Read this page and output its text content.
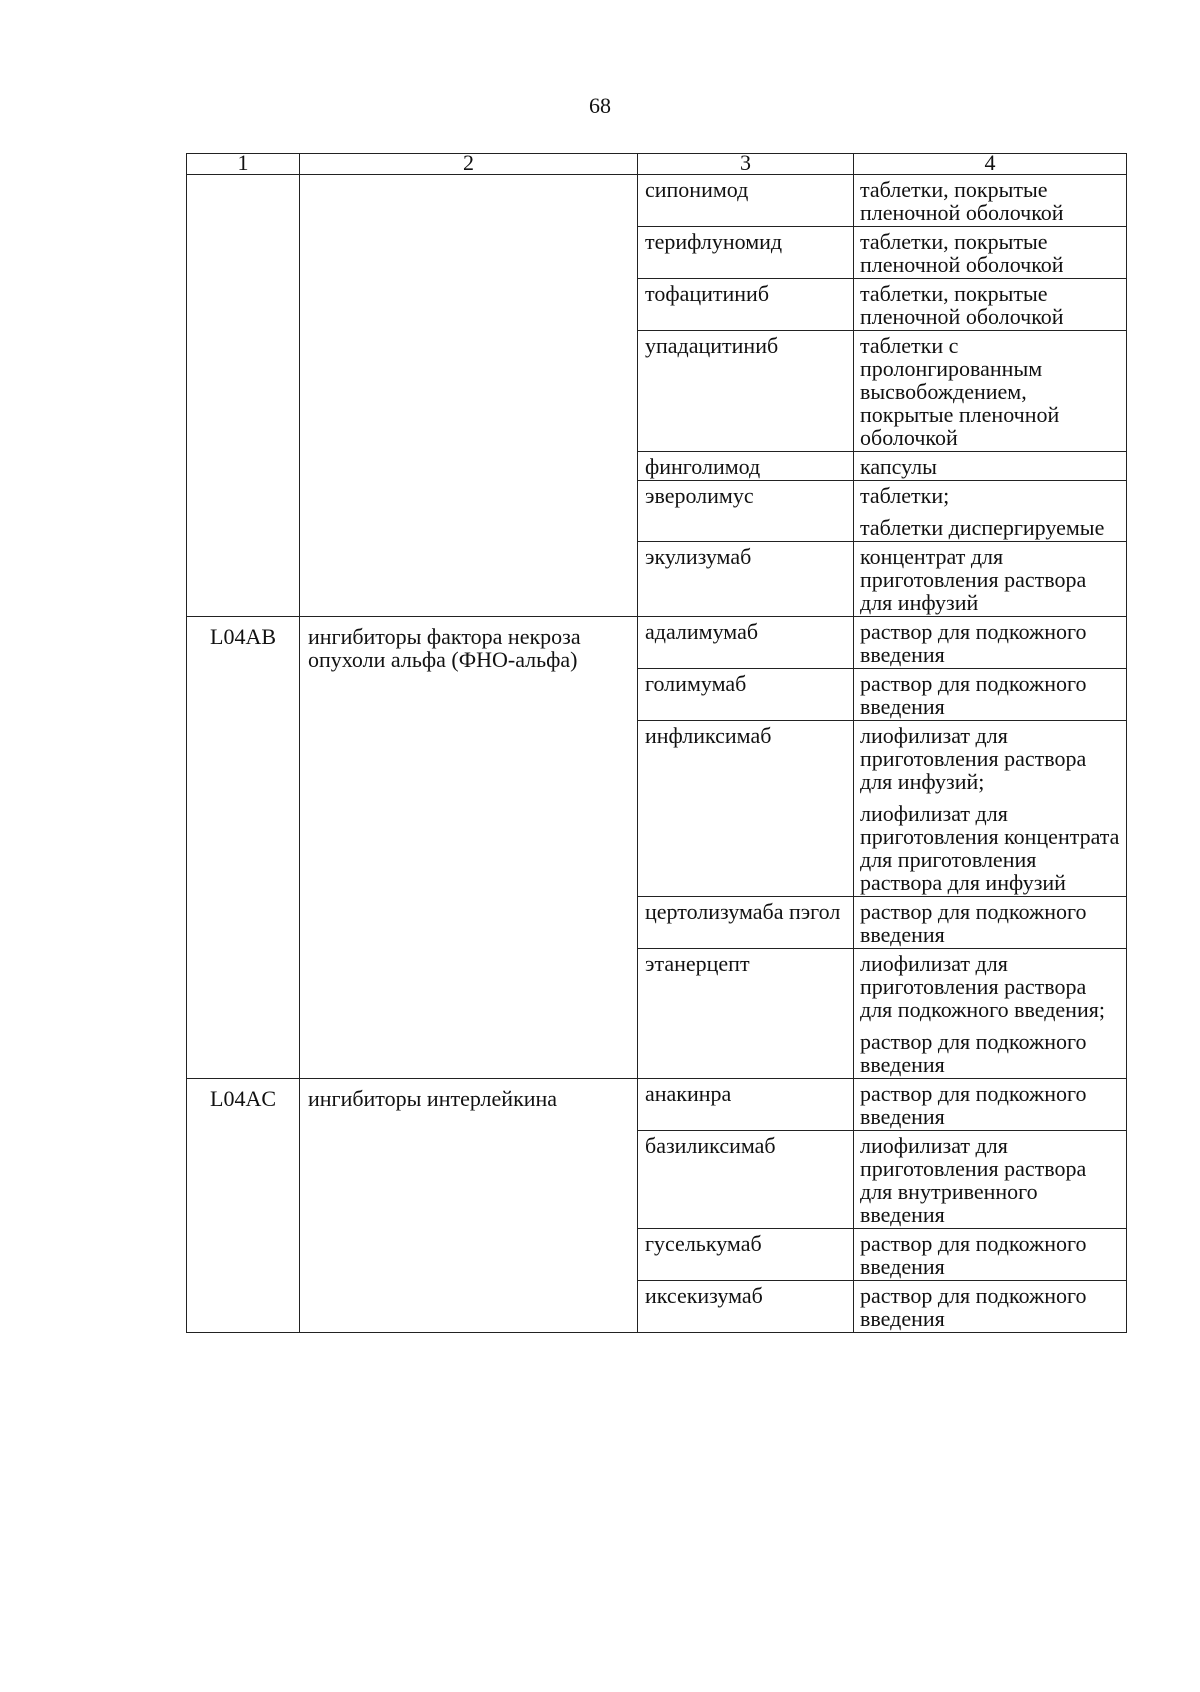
68
1	2	3	4
		сипонимод	таблетки, покрытые пленочной оболочкой

		терифлуномид	таблетки, покрытые пленочной оболочкой

		тофацитиниб	таблетки, покрытые пленочной оболочкой

		упадацитиниб	таблетки с пролонгированным высвобождением, покрытые пленочной оболочкой

		финголимод	капсулы

		эверолимус	таблетки;
таблетки диспергируемые

		экулизумаб	концентрат для приготовления раствора для инфузий

L04AB	ингибиторы фактора некроза опухоли альфа (ФНО-альфа)	адалимумаб	раствор для подкожного введения

		голимумаб	раствор для подкожного введения

		инфликсимаб	лиофилизат для приготовления раствора для инфузий;
лиофилизат для приготовления концентрата для приготовления раствора для инфузий

		цертолизумаба пэгол	раствор для подкожного введения

		этанерцепт	лиофилизат для приготовления раствора для подкожного введения;
раствор для подкожного введения

L04AC	ингибиторы интерлейкина	анакинра	раствор для подкожного введения

		базиликсимаб	лиофилизат для приготовления раствора для внутривенного введения

		гуселькумаб	раствор для подкожного введения

		иксекизумаб	раствор для подкожного введения
